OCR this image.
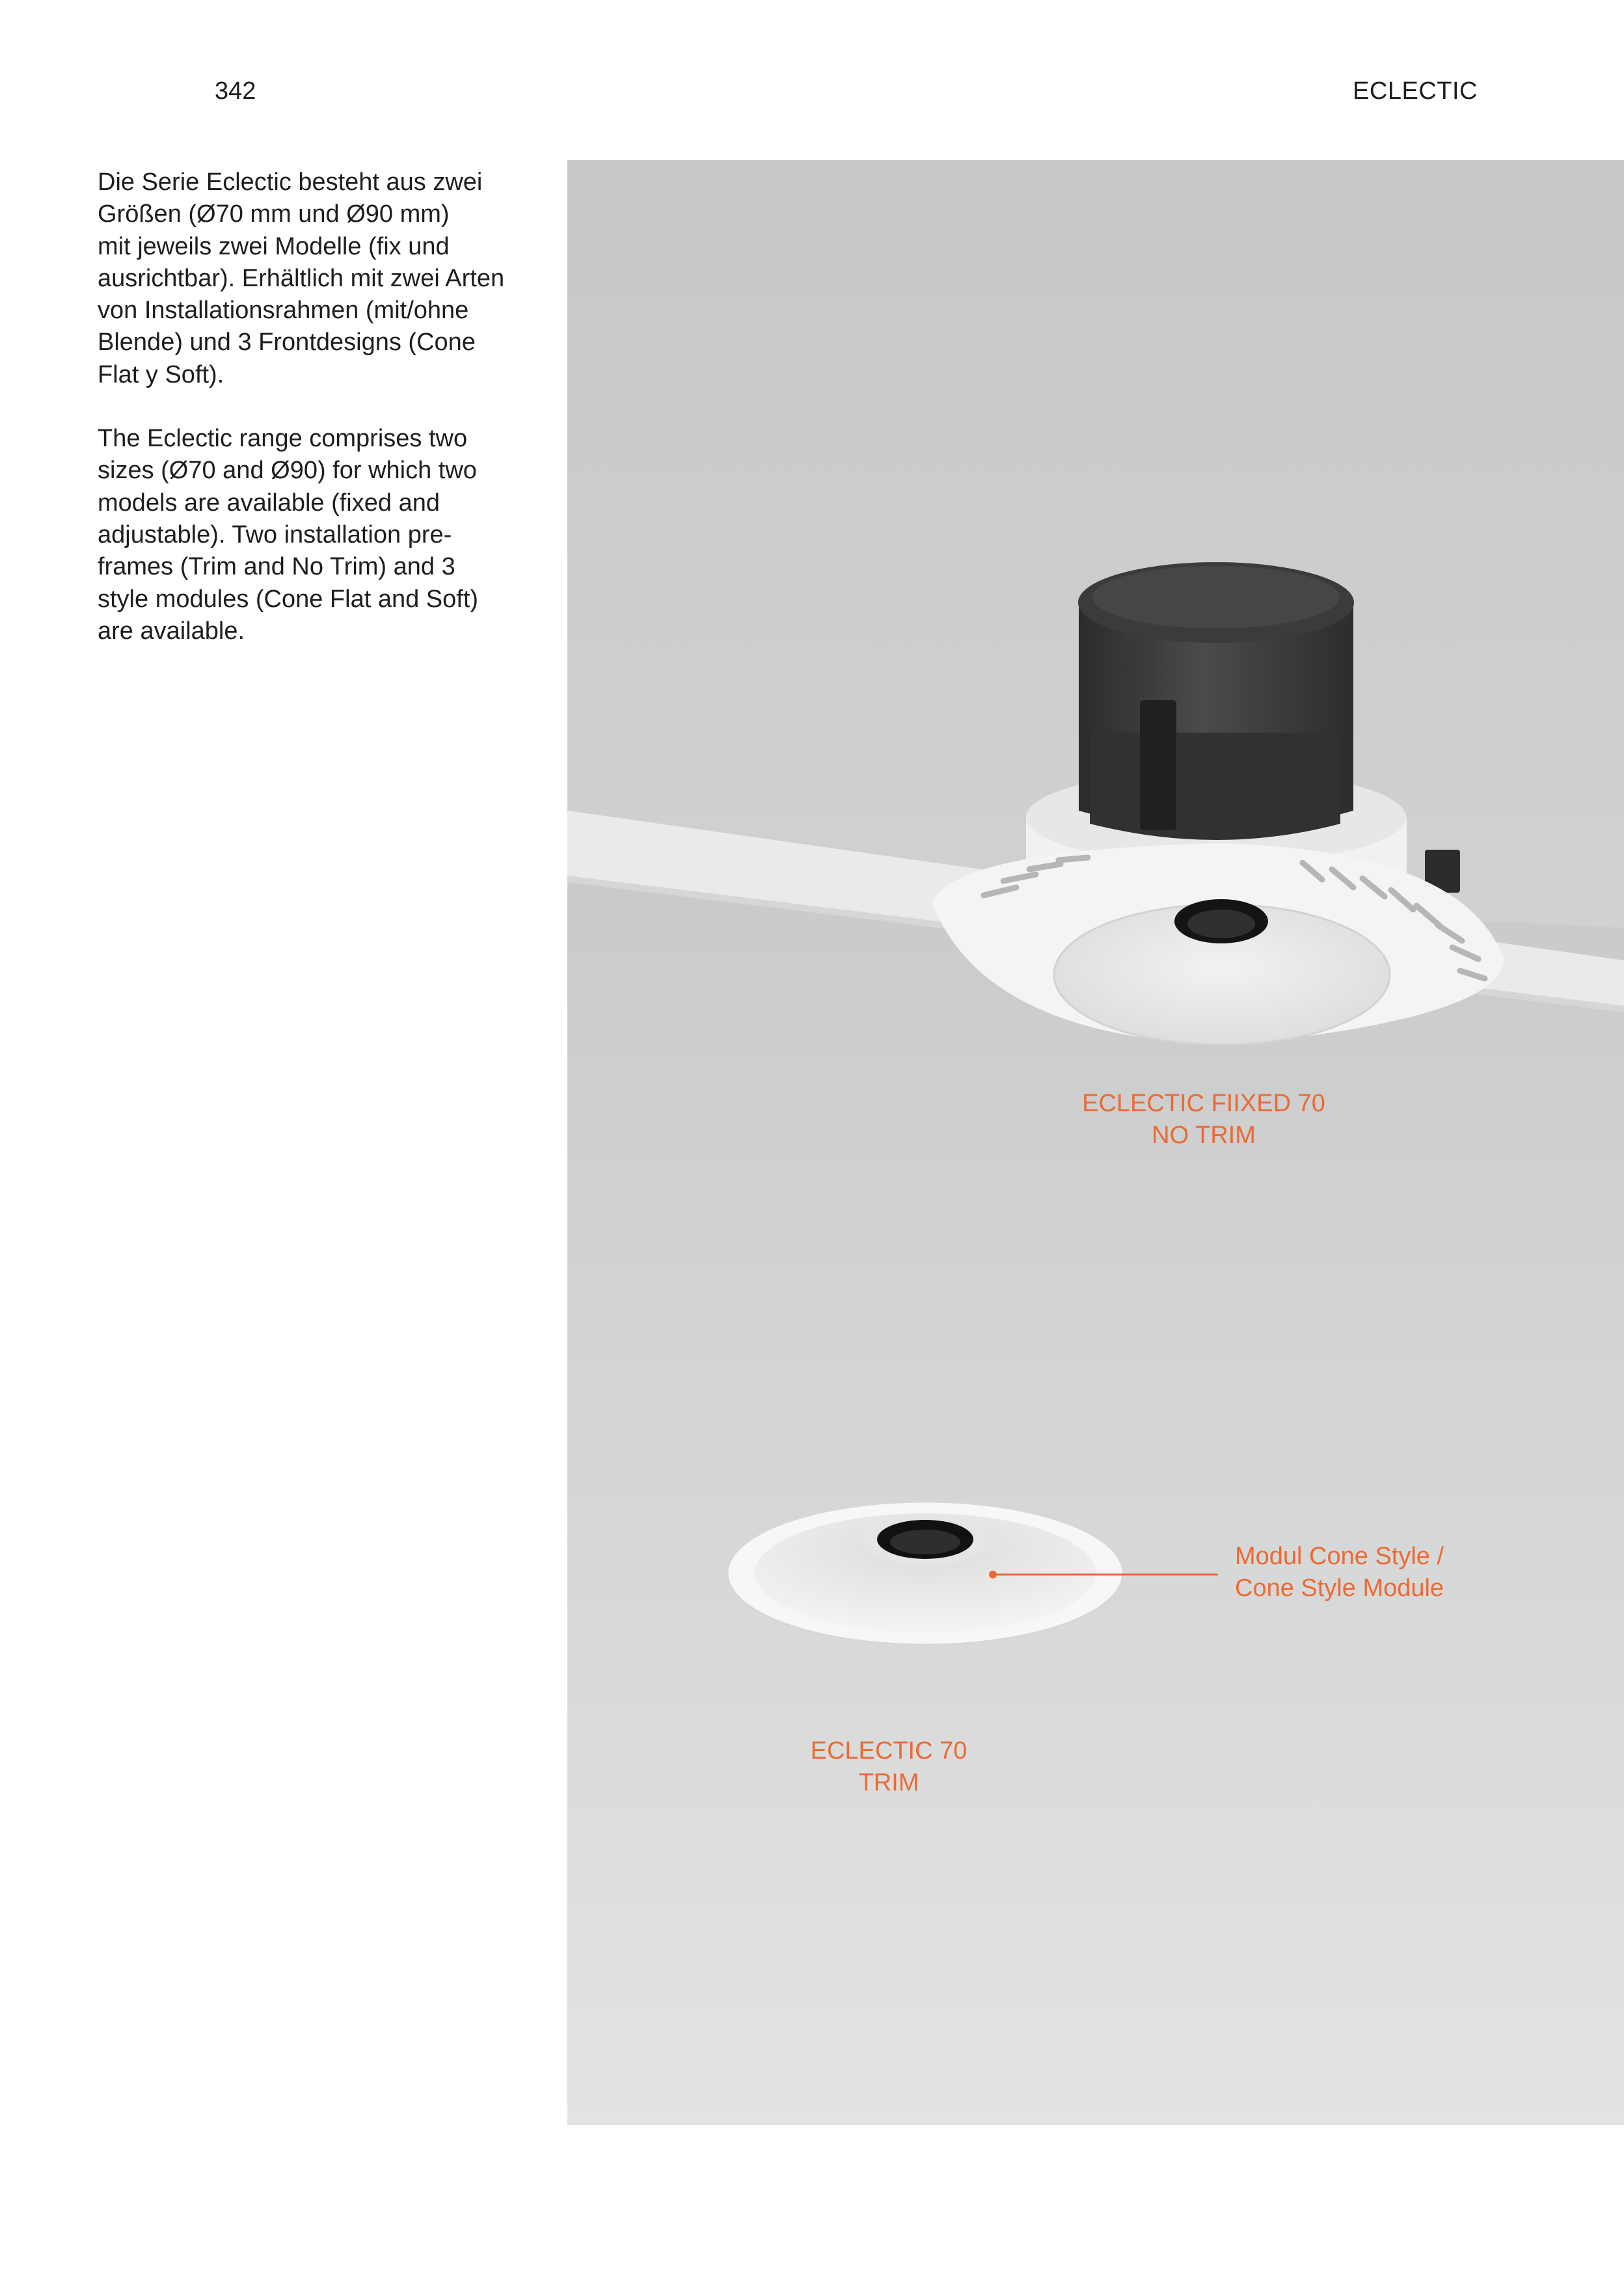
342	ECLECTIC

Die Serie Eclectic besteht aus zwei
Größen (Ø70 mm und Ø90 mm)
mit jeweils zwei Modelle (fix und
ausrichtbar). Erhältlich mit zwei Arten
von Installationsrahmen (mit/ohne
Blende) und 3 Frontdesigns (Cone
Flat y Soft).

The Eclectic range comprises two
sizes (Ø70 and Ø90) for which two
models are available (fixed and
adjustable). Two installation pre-
frames (Trim and No Trim) and 3
style modules (Cone Flat and Soft)
are available.

ECLECTIC FIIXED 70
NO TRIM
ECLECTIC 70
TRIM
Modul Cone Style /
Cone Style Module
